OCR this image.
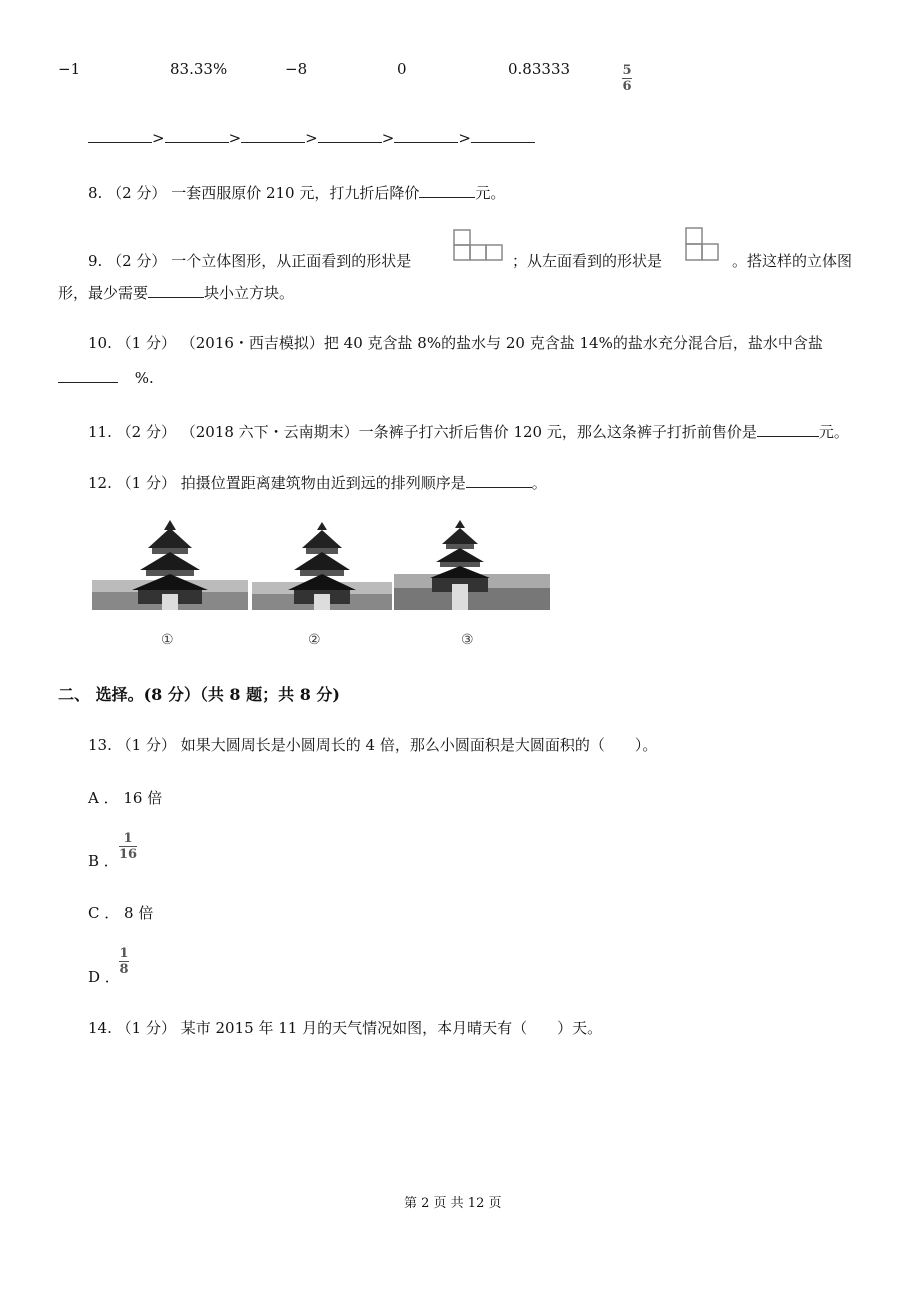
−1	83.33%	−8	0	0.83333	5
6
>	>	>	>	>
8. （2 分） 一套西服原价 210 元，打九折后降价	元。
9. （2 分） 一个立体图形，从正面看到的形状是	；从左面看到的形状是	。搭这样的立体图
形，最少需要	块小立方块。
10. （1 分） （2016・西吉模拟）把 40 克含盐 8%的盐水与 20 克含盐 14%的盐水充分混合后，盐水中含盐
%.
11. （2 分） （2018 六下・云南期末）一条裤子打六折后售价 120 元，那么这条裤子打折前售价是	元。
12. （1 分） 拍摄位置距离建筑物由近到远的排列顺序是	。
①	②	③
二、 选择。(8 分）（共 8 题；共 8 分)
13. （1 分） 如果大圆周长是小圆周长的 4 倍，那么小圆面积是大圆面积的（　　）。
A ． 16 倍
B ．
1
16
C ． 8 倍
D ．
1
8
14. （1 分） 某市 2015 年 11 月的天气情况如图，本月晴天有（　　）天。
第 2 页 共 12 页
